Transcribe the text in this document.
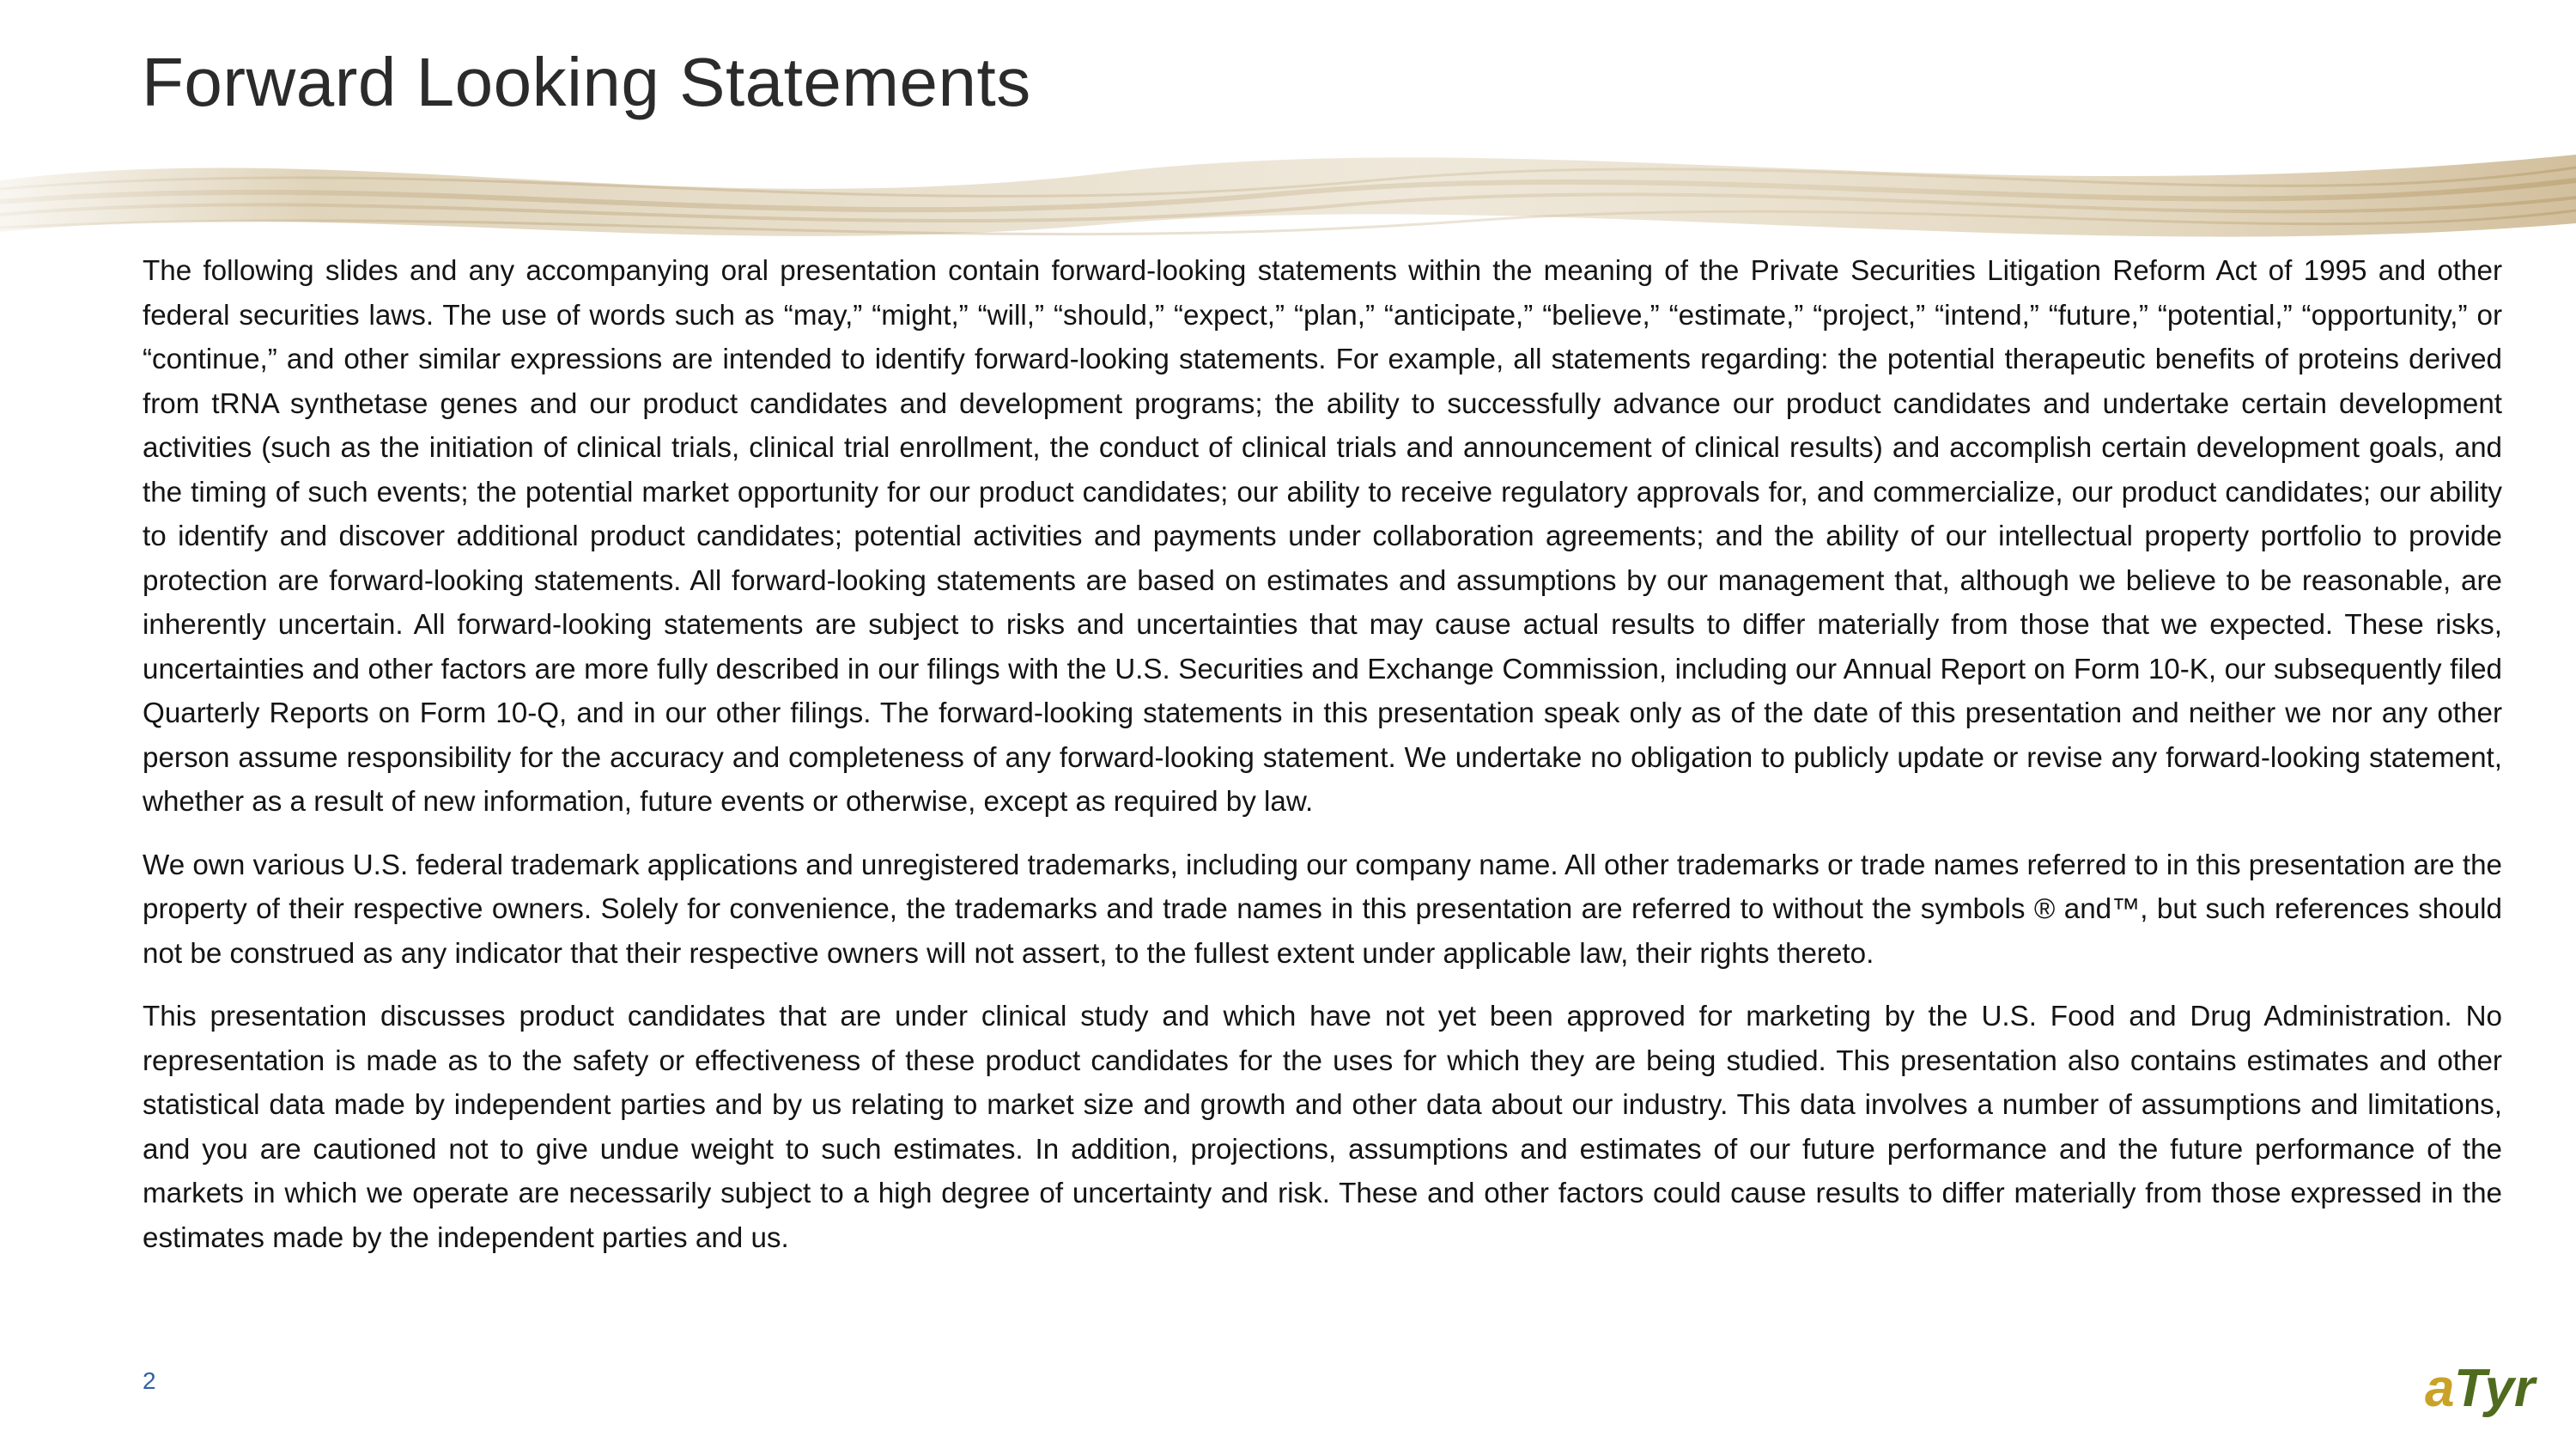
Forward Looking Statements

The following slides and any accompanying oral presentation contain forward-looking statements within the meaning of the Private Securities Litigation Reform Act of 1995 and other federal securities laws. The use of words such as “may,” “might,” “will,” “should,” “expect,” “plan,” “anticipate,” “believe,” “estimate,” “project,” “intend,” “future,” “potential,” “opportunity,” or “continue,” and other similar expressions are intended to identify forward-looking statements. For example, all statements regarding: the potential therapeutic benefits of proteins derived from tRNA synthetase genes and our product candidates and development programs; the ability to successfully advance our product candidates and undertake certain development activities (such as the initiation of clinical trials, clinical trial enrollment, the conduct of clinical trials and announcement of clinical results) and accomplish certain development goals, and the timing of such events; the potential market opportunity for our product candidates; our ability to receive regulatory approvals for, and commercialize, our product candidates; our ability to identify and discover additional product candidates; potential activities and payments under collaboration agreements; and the ability of our intellectual property portfolio to provide protection are forward-looking statements. All forward-looking statements are based on estimates and assumptions by our management that, although we believe to be reasonable, are inherently uncertain. All forward-looking statements are subject to risks and uncertainties that may cause actual results to differ materially from those that we expected. These risks, uncertainties and other factors are more fully described in our filings with the U.S. Securities and Exchange Commission, including our Annual Report on Form 10-K, our subsequently filed Quarterly Reports on Form 10-Q, and in our other filings. The forward-looking statements in this presentation speak only as of the date of this presentation and neither we nor any other person assume responsibility for the accuracy and completeness of any forward-looking statement. We undertake no obligation to publicly update or revise any forward-looking statement, whether as a result of new information, future events or otherwise, except as required by law.

We own various U.S. federal trademark applications and unregistered trademarks, including our company name. All other trademarks or trade names referred to in this presentation are the property of their respective owners. Solely for convenience, the trademarks and trade names in this presentation are referred to without the symbols ® and™, but such references should not be construed as any indicator that their respective owners will not assert, to the fullest extent under applicable law, their rights thereto.

This presentation discusses product candidates that are under clinical study and which have not yet been approved for marketing by the U.S. Food and Drug Administration. No representation is made as to the safety or effectiveness of these product candidates for the uses for which they are being studied. This presentation also contains estimates and other statistical data made by independent parties and by us relating to market size and growth and other data about our industry. This data involves a number of assumptions and limitations, and you are cautioned not to give undue weight to such estimates. In addition, projections, assumptions and estimates of our future performance and the future performance of the markets in which we operate are necessarily subject to a high degree of uncertainty and risk. These and other factors could cause results to differ materially from those expressed in the estimates made by the independent parties and us.

2	a Tyr
